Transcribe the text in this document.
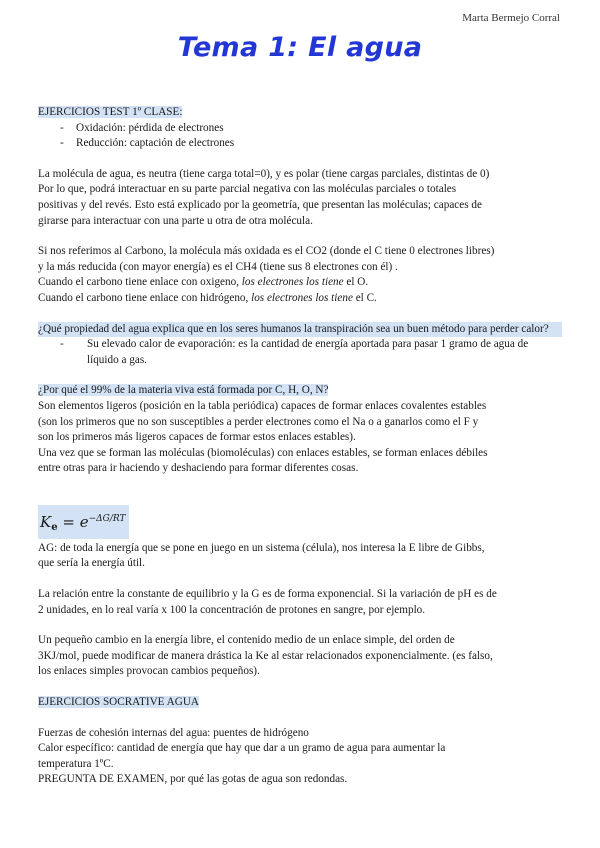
Marta Bermejo Corral
Tema 1: El agua
EJERCICIOS TEST 1º CLASE:
- Oxidación: pérdida de electrones
- Reducción: captación de electrones
La molécula de agua, es neutra (tiene carga total=0), y es polar (tiene cargas parciales, distintas de 0)
Por lo que, podrá interactuar en su parte parcial negativa con las moléculas parciales o totales
positivas y del revés. Esto está explicado por la geometría, que presentan las moléculas; capaces de
girarse para interactuar con una parte u otra de otra molécula.
Si nos referimos al Carbono, la molécula más oxidada es el CO2 (donde el C tiene 0 electrones libres)
y la más reducida (con mayor energía) es el CH4 (tiene sus 8 electrones con él) .
Cuando el carbono tiene enlace con oxigeno, los electrones los tiene el O.
Cuando el carbono tiene enlace con hidrógeno, los electrones los tiene el C.
¿Qué propiedad del agua explica que en los seres humanos la transpiración sea un buen método para perder calor?
- Su elevado calor de evaporación: es la cantidad de energía aportada para pasar 1 gramo de agua de líquido a gas.
¿Por qué el 99% de la materia viva está formada por C, H, O, N?
Son elementos ligeros (posición en la tabla periódica) capaces de formar enlaces covalentes estables
(son los primeros que no son susceptibles a perder electrones como el Na o a ganarlos como el F y
son los primeros más ligeros capaces de formar estos enlaces estables).
Una vez que se forman las moléculas (biomoléculas) con enlaces estables, se forman enlaces débiles
entre otras para ir haciendo y deshaciendo para formar diferentes cosas.
$K_e = e^{-\Delta G/RT}$
AG: de toda la energía que se pone en juego en un sistema (célula), nos interesa la E libre de Gibbs,
que sería la energía útil.
La relación entre la constante de equilibrio y la G es de forma exponencial. Si la variación de pH es de
2 unidades, en lo real varía x 100 la concentración de protones en sangre, por ejemplo.
Un pequeño cambio en la energía libre, el contenido medio de un enlace simple, del orden de
3KJ/mol, puede modificar de manera drástica la Ke al estar relacionados exponencialmente. (es falso,
los enlaces simples provocan cambios pequeños).
EJERCICIOS SOCRATIVE AGUA
Fuerzas de cohesión internas del agua: puentes de hidrógeno
Calor específico: cantidad de energía que hay que dar a un gramo de agua para aumentar la
temperatura 1ºC.
PREGUNTA DE EXAMEN, por qué las gotas de agua son redondas.
